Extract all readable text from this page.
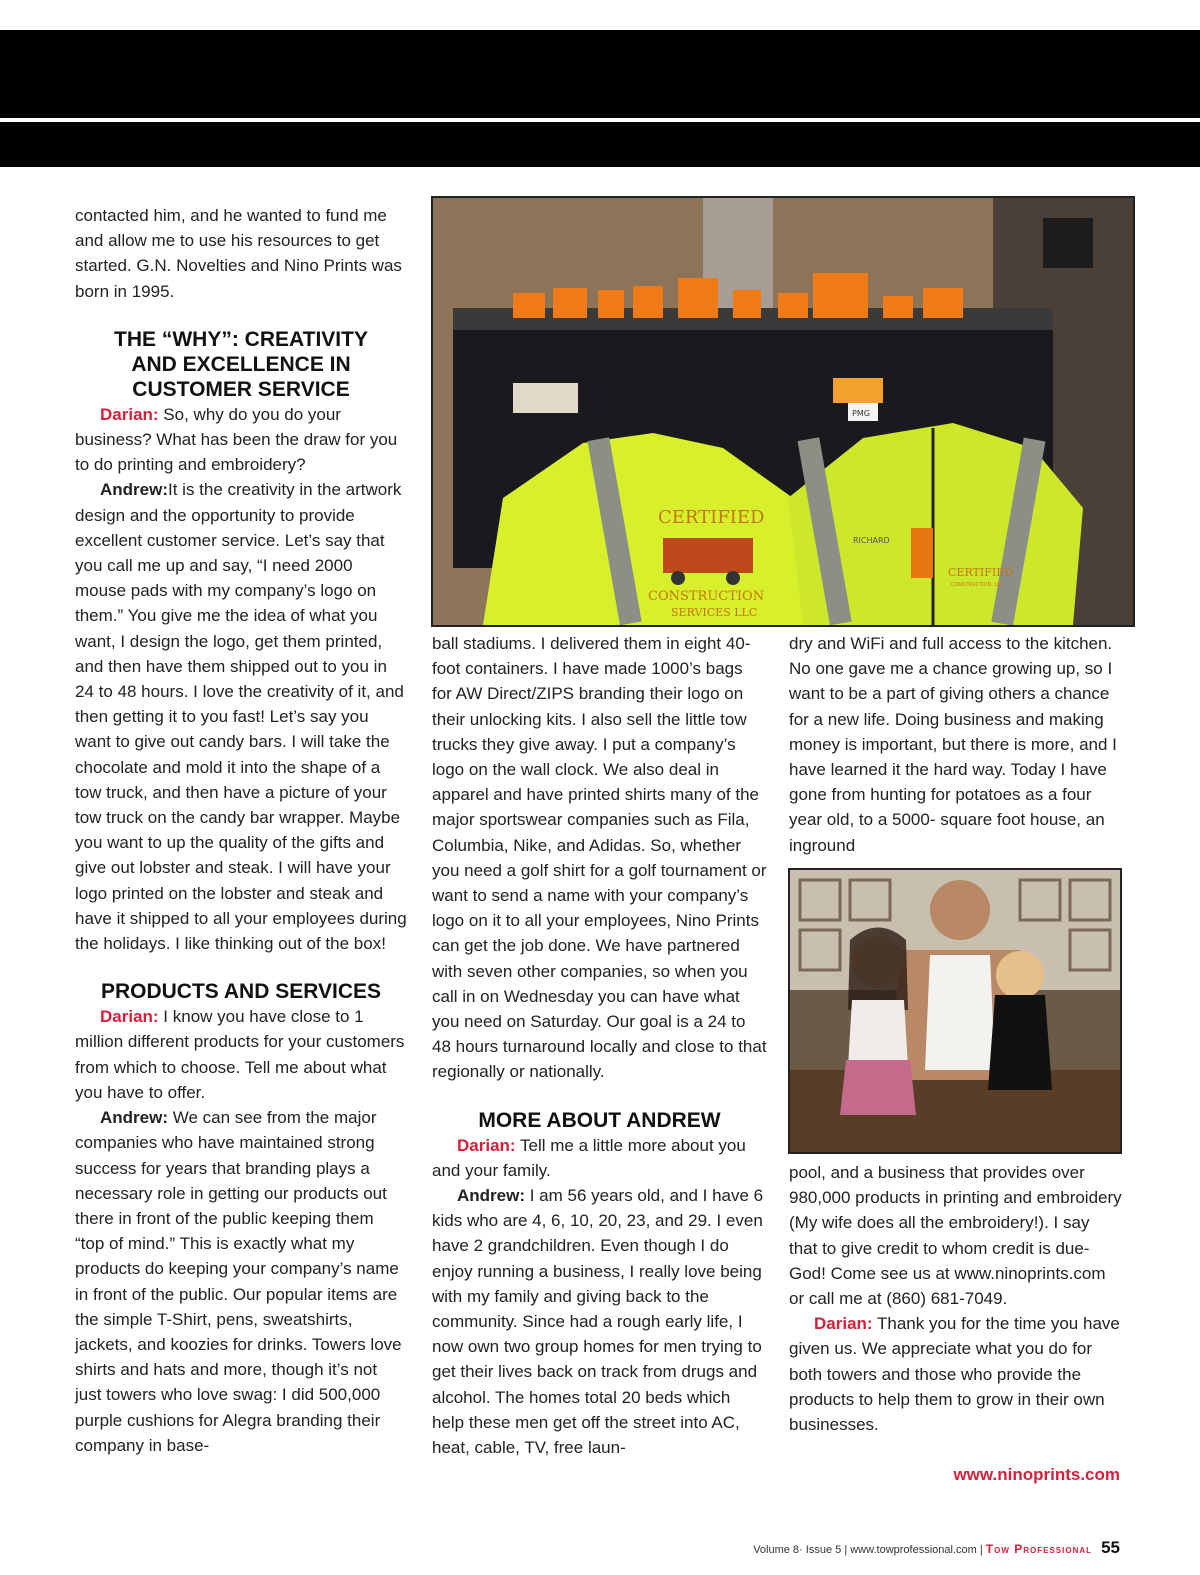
contacted him, and he wanted to fund me and allow me to use his resources to get started. G.N. Novelties and Nino Prints was born in 1995.

THE “WHY”: CREATIVITY AND EXCELLENCE IN CUSTOMER SERVICE

Darian: So, why do you do your business? What has been the draw for you to do printing and embroidery?

Andrew:It is the creativity in the artwork design and the opportunity to provide excellent customer service. Let’s say that you call me up and say, “I need 2000 mouse pads with my company’s logo on them.” You give me the idea of what you want, I design the logo, get them printed, and then have them shipped out to you in 24 to 48 hours. I love the creativity of it, and then getting it to you fast! Let’s say you want to give out candy bars. I will take the chocolate and mold it into the shape of a tow truck, and then have a picture of your tow truck on the candy bar wrapper. Maybe you want to up the quality of the gifts and give out lobster and steak. I will have your logo printed on the lobster and steak and have it shipped to all your employees during the holidays. I like thinking out of the box!

PRODUCTS AND SERVICES

Darian: I know you have close to 1 million different products for your customers from which to choose. Tell me about what you have to offer.

Andrew: We can see from the major companies who have maintained strong success for years that branding plays a necessary role in getting our products out there in front of the public keeping them “top of mind.” This is exactly what my products do keeping your company’s name in front of the public. Our popular items are the simple T-Shirt, pens, sweatshirts, jackets, and koozies for drinks. Towers love shirts and hats and more, though it’s not just towers who love swag: I did 500,000 purple cushions for Alegra branding their company in base-

CERTIFIED
CONSTRUCTION
SERVICES LLC
RICHARD
CERTIFIED
CONSTRUCTION, LLC
PMG

ball stadiums. I delivered them in eight 40-foot containers. I have made 1000’s bags for AW Direct/ZIPS branding their logo on their unlocking kits. I also sell the little tow trucks they give away. I put a company’s logo on the wall clock. We also deal in apparel and have printed shirts many of the major sportswear companies such as Fila, Columbia, Nike, and Adidas. So, whether you need a golf shirt for a golf tournament or want to send a name with your company’s logo on it to all your employees, Nino Prints can get the job done. We have partnered with seven other companies, so when you call in on Wednesday you can have what you need on Saturday. Our goal is a 24 to 48 hours turnaround locally and close to that regionally or nationally.

MORE ABOUT ANDREW

Darian: Tell me a little more about you and your family.

Andrew: I am 56 years old, and I have 6 kids who are 4, 6, 10, 20, 23, and 29. I even have 2 grandchildren. Even though I do enjoy running a business, I really love being with my family and giving back to the community. Since had a rough early life, I now own two group homes for men trying to get their lives back on track from drugs and alcohol. The homes total 20 beds which help these men get off the street into AC, heat, cable, TV, free laun-

dry and WiFi and full access to the kitchen. No one gave me a chance growing up, so I want to be a part of giving others a chance for a new life. Doing business and making money is important, but there is more, and I have learned it the hard way. Today I have gone from hunting for potatoes as a four year old, to a 5000- square foot house, an inground

pool, and a business that provides over 980,000 products in printing and embroidery (My wife does all the embroidery!). I say that to give credit to whom credit is due-God! Come see us at www.ninoprints.com or call me at (860) 681-7049.

Darian: Thank you for the time you have given us. We appreciate what you do for both towers and those who provide the products to help them to grow in their own businesses.

www.ninoprints.com
Volume 8· Issue 5 | www.towprofessional.com | Tow Professional 55
